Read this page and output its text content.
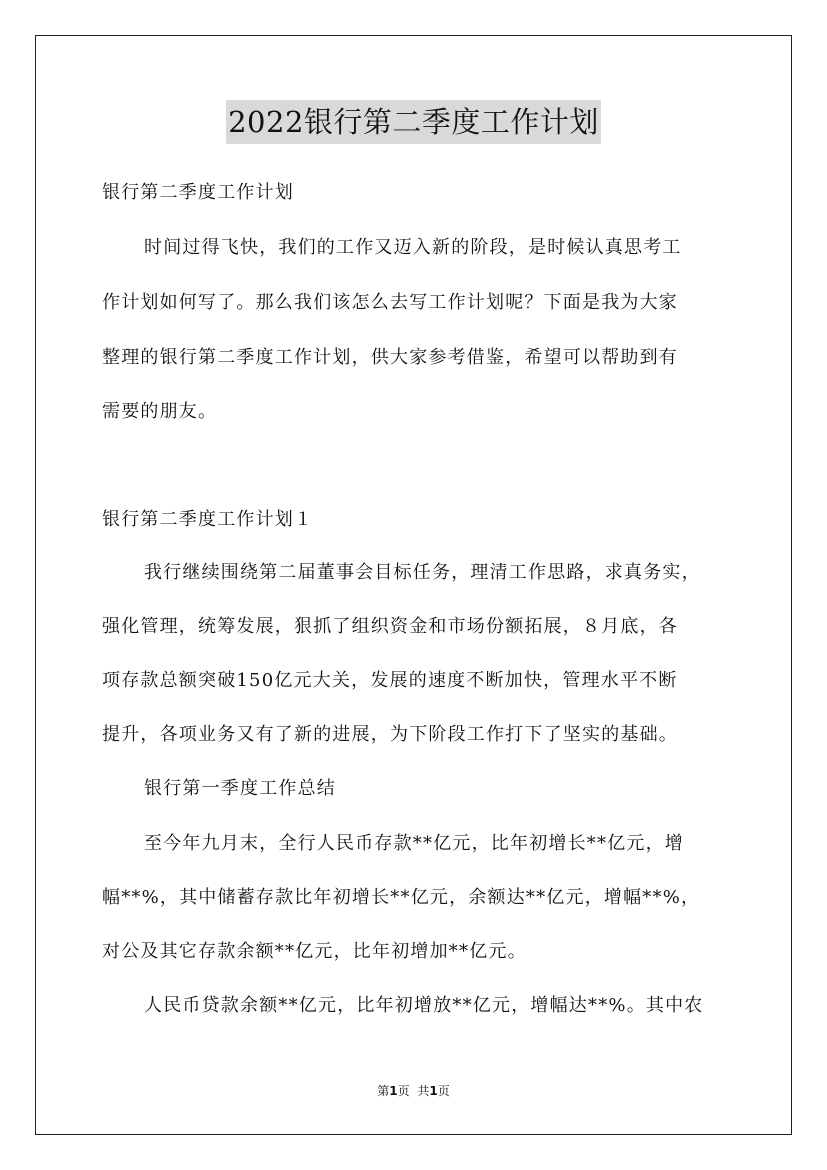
2022银行第二季度工作计划
银行第二季度工作计划
时间过得飞快，我们的工作又迈入新的阶段，是时候认真思考工
作计划如何写了。那么我们该怎么去写工作计划呢？下面是我为大家
整理的银行第二季度工作计划，供大家参考借鉴，希望可以帮助到有
需要的朋友。
银行第二季度工作计划１
我行继续围绕第二届董事会目标任务，理清工作思路，求真务实，
强化管理，统筹发展，狠抓了组织资金和市场份额拓展，８月底，各
项存款总额突破150亿元大关，发展的速度不断加快，管理水平不断
提升，各项业务又有了新的进展，为下阶段工作打下了坚实的基础。
银行第一季度工作总结
至今年九月末，全行人民币存款**亿元，比年初增长**亿元，增
幅**%，其中储蓄存款比年初增长**亿元，余额达**亿元，增幅**%，
对公及其它存款余额**亿元，比年初增加**亿元。
人民币贷款余额**亿元，比年初增放**亿元，增幅达**%。其中农
第1页 共1页
